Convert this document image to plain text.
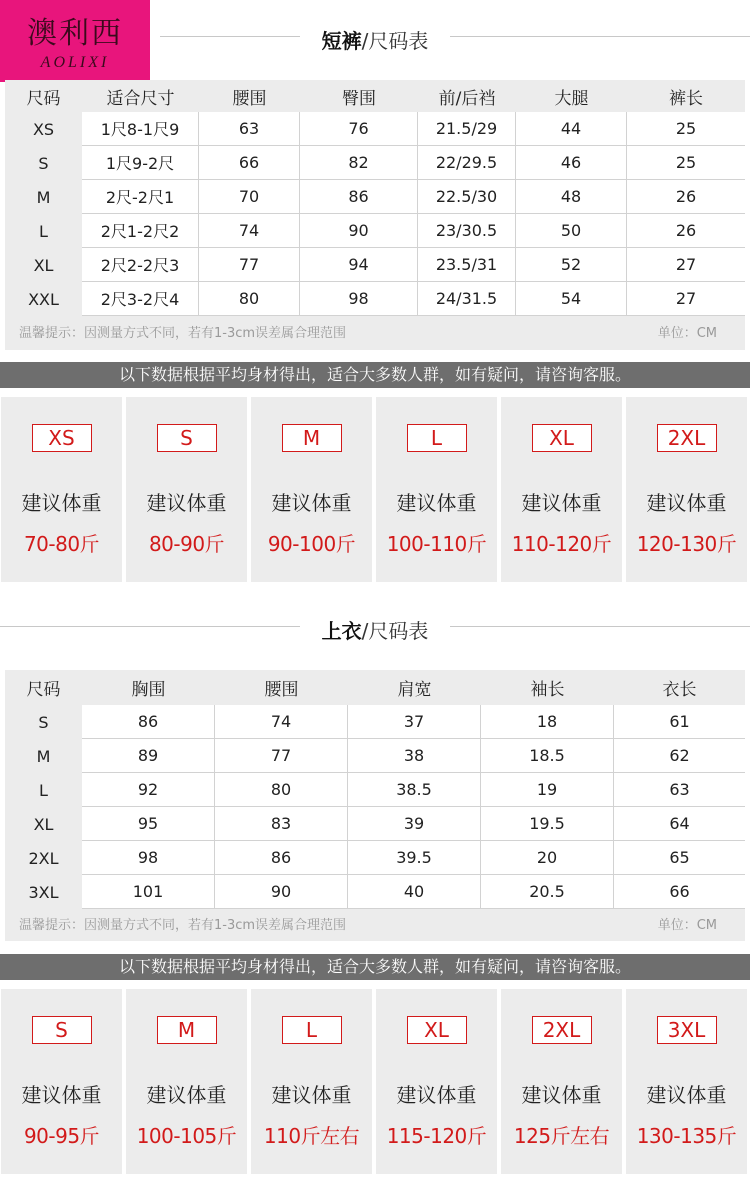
澳利西
AOLIXI
短裤/尺码表
尺码	适合尺寸	腰围	臀围	前/后裆	大腿	裤长
XS	1尺8-1尺9	63	76	21.5/29	44	25
S	1尺9-2尺	66	82	22/29.5	46	25
M	2尺-2尺1	70	86	22.5/30	48	26
L	2尺1-2尺2	74	90	23/30.5	50	26
XL	2尺2-2尺3	77	94	23.5/31	52	27
XXL	2尺3-2尺4	80	98	24/31.5	54	27
温馨提示：因测量方式不同，若有1-3cm误差属合理范围	单位：CM
以下数据根据平均身材得出，适合大多数人群，如有疑问，请咨询客服。
XS
建议体重
70-80斤
S
建议体重
80-90斤
M
建议体重
90-100斤
L
建议体重
100-110斤
XL
建议体重
110-120斤
2XL
建议体重
120-130斤
上衣/尺码表
尺码	胸围	腰围	肩宽	袖长	衣长
S	86	74	37	18	61
M	89	77	38	18.5	62
L	92	80	38.5	19	63
XL	95	83	39	19.5	64
2XL	98	86	39.5	20	65
3XL	101	90	40	20.5	66
温馨提示：因测量方式不同，若有1-3cm误差属合理范围	单位：CM
以下数据根据平均身材得出，适合大多数人群，如有疑问，请咨询客服。
S
建议体重
90-95斤
M
建议体重
100-105斤
L
建议体重
110斤左右
XL
建议体重
115-120斤
2XL
建议体重
125斤左右
3XL
建议体重
130-135斤
